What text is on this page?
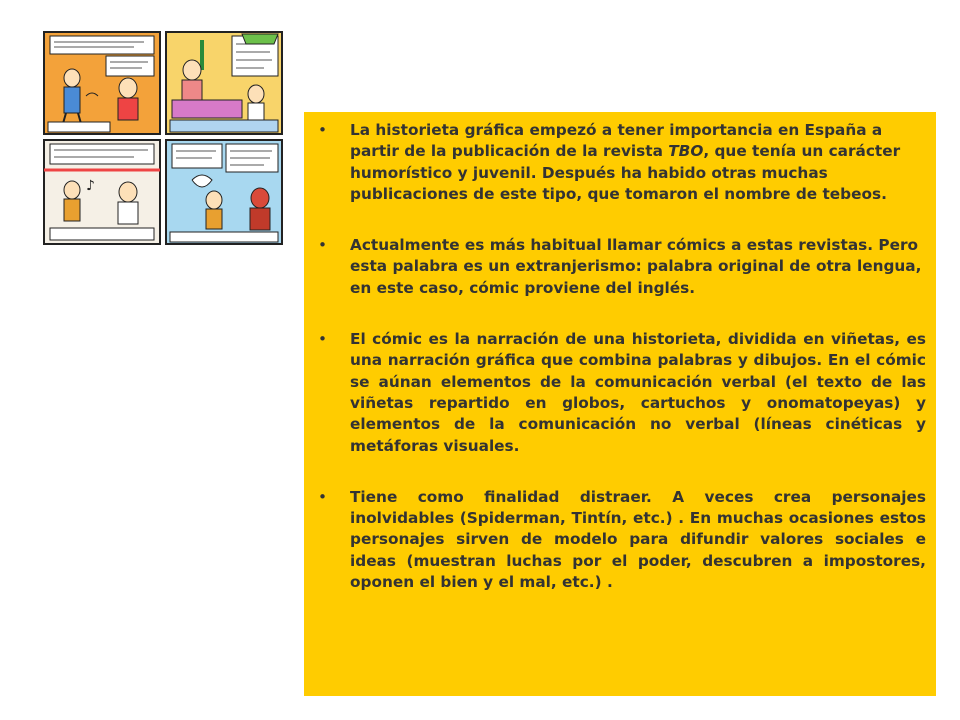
♪
• La historieta gráfica empezó a tener importancia en España a partir de la publicación de la revista TBO, que tenía un carácter humorístico y juvenil. Después ha habido otras muchas publicaciones de este tipo, que tomaron el nombre de tebeos.
• Actualmente es más habitual llamar cómics a estas revistas. Pero esta palabra es un extranjerismo: palabra original de otra lengua, en este caso, cómic proviene del inglés.
• El cómic es la narración de una historieta, dividida en viñetas, es una narración gráfica que combina palabras y dibujos. En el cómic se aúnan elementos de la comunicación verbal (el texto de las viñetas repartido en globos, cartuchos y onomatopeyas) y elementos de la comunicación no verbal (líneas cinéticas y metáforas visuales.
• Tiene como finalidad distraer. A veces crea personajes inolvidables (Spiderman, Tintín, etc.) . En muchas ocasiones estos personajes sirven de modelo para difundir valores sociales e ideas (muestran luchas por el poder, descubren a impostores, oponen el bien y el mal, etc.) .
